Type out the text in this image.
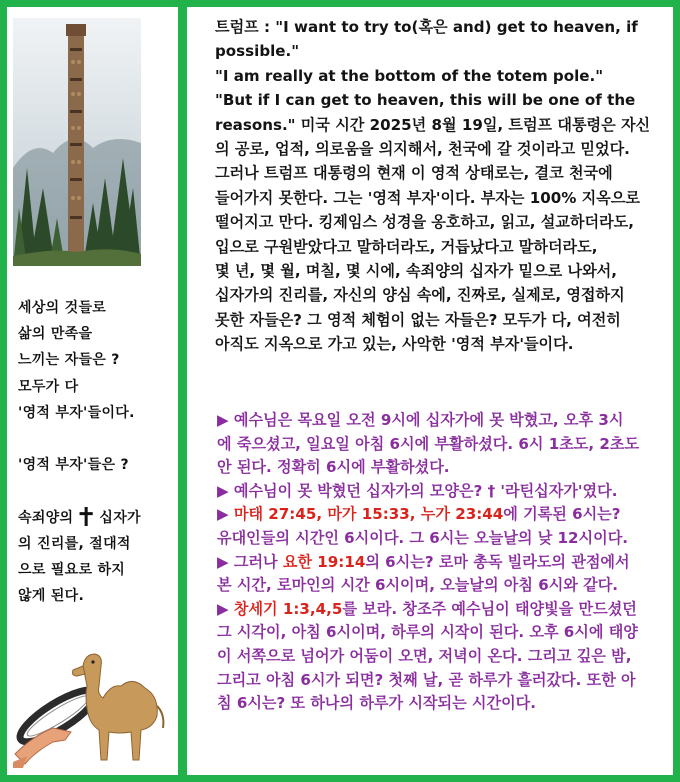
세상의 것들로

삶의 만족을

느끼는 자들은 ?

모두가 다

'영적 부자'들이다.

'영적 부자'들은 ?

속죄양의 ✝ 십자가

의 진리를, 절대적

으로 필요로 하지

않게 된다.

트럼프 : "I want to try to(혹은 and) get to heaven, if
possible."
"I am really at the bottom of the totem pole."
"But if I can get to heaven, this will be one of the
reasons." 미국 시간 2025년 8월 19일, 트럼프 대통령은 자신
의 공로, 업적, 의로움을 의지해서, 천국에 갈 것이라고 믿었다.
그러나 트럼프 대통령의 현재 이 영적 상태로는, 결코 천국에
들어가지 못한다. 그는 '영적 부자'이다. 부자는 100% 지옥으로
떨어지고 만다. 킹제임스 성경을 옹호하고, 읽고, 설교하더라도,
입으로 구원받았다고 말하더라도, 거듭났다고 말하더라도,
몇 년, 몇 월, 며칠, 몇 시에, 속죄양의 십자가 밑으로 나와서,
십자가의 진리를, 자신의 양심 속에, 진짜로, 실제로, 영접하지
못한 자들은? 그 영적 체험이 없는 자들은? 모두가 다, 여전히
아직도 지옥으로 가고 있는, 사악한 '영적 부자'들이다.
▶ 예수님은 목요일 오전 9시에 십자가에 못 박혔고, 오후 3시
에 죽으셨고, 일요일 아침 6시에 부활하셨다. 6시 1초도, 2초도
안 된다. 정확히 6시에 부활하셨다.
▶ 예수님이 못 박혔던 십자가의 모양은? † '라틴십자가'였다.
▶ 마태 27:45, 마가 15:33, 누가 23:44에 기록된 6시는?
유대인들의 시간인 6시이다. 그 6시는 오늘날의 낮 12시이다.
▶ 그러나 요한 19:14의 6시는? 로마 총독 빌라도의 관점에서
본 시간, 로마인의 시간 6시이며, 오늘날의 아침 6시와 같다.
▶ 창세기 1:3,4,5를 보라. 창조주 예수님이 태양빛을 만드셨던
그 시각이, 아침 6시이며, 하루의 시작이 된다. 오후 6시에 태양
이 서쪽으로 넘어가 어둠이 오면, 저녁이 온다. 그리고 깊은 밤,
그리고 아침 6시가 되면? 첫째 날, 곧 하루가 흘러갔다. 또한 아
침 6시는? 또 하나의 하루가 시작되는 시간이다.
